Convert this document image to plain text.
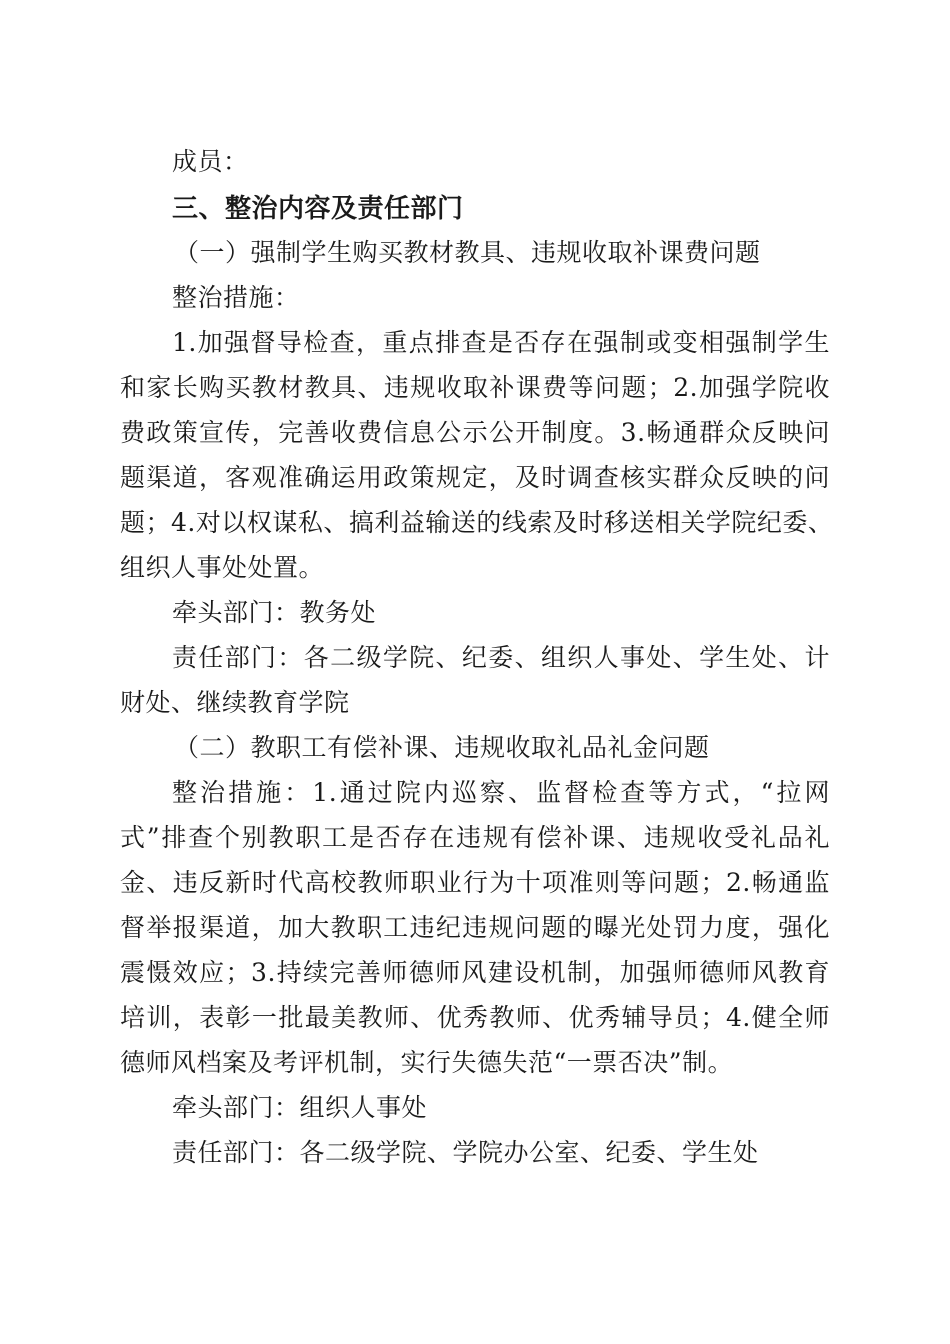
成员：
三、整治内容及责任部门
（一）强制学生购买教材教具、违规收取补课费问题
整治措施：
1.加强督导检查，重点排查是否存在强制或变相强制学生
和家长购买教材教具、违规收取补课费等问题；2.加强学院收
费政策宣传，完善收费信息公示公开制度。3.畅通群众反映问
题渠道，客观准确运用政策规定，及时调查核实群众反映的问
题；4.对以权谋私、搞利益输送的线索及时移送相关学院纪委、
组织人事处处置。
牵头部门：教务处
责任部门：各二级学院、纪委、组织人事处、学生处、计
财处、继续教育学院
（二）教职工有偿补课、违规收取礼品礼金问题
整治措施：1.通过院内巡察、监督检查等方式，“拉网
式”排查个别教职工是否存在违规有偿补课、违规收受礼品礼
金、违反新时代高校教师职业行为十项准则等问题；2.畅通监
督举报渠道，加大教职工违纪违规问题的曝光处罚力度，强化
震慑效应；3.持续完善师德师风建设机制，加强师德师风教育
培训，表彰一批最美教师、优秀教师、优秀辅导员；4.健全师
德师风档案及考评机制，实行失德失范“一票否决”制。
牵头部门：组织人事处
责任部门：各二级学院、学院办公室、纪委、学生处
